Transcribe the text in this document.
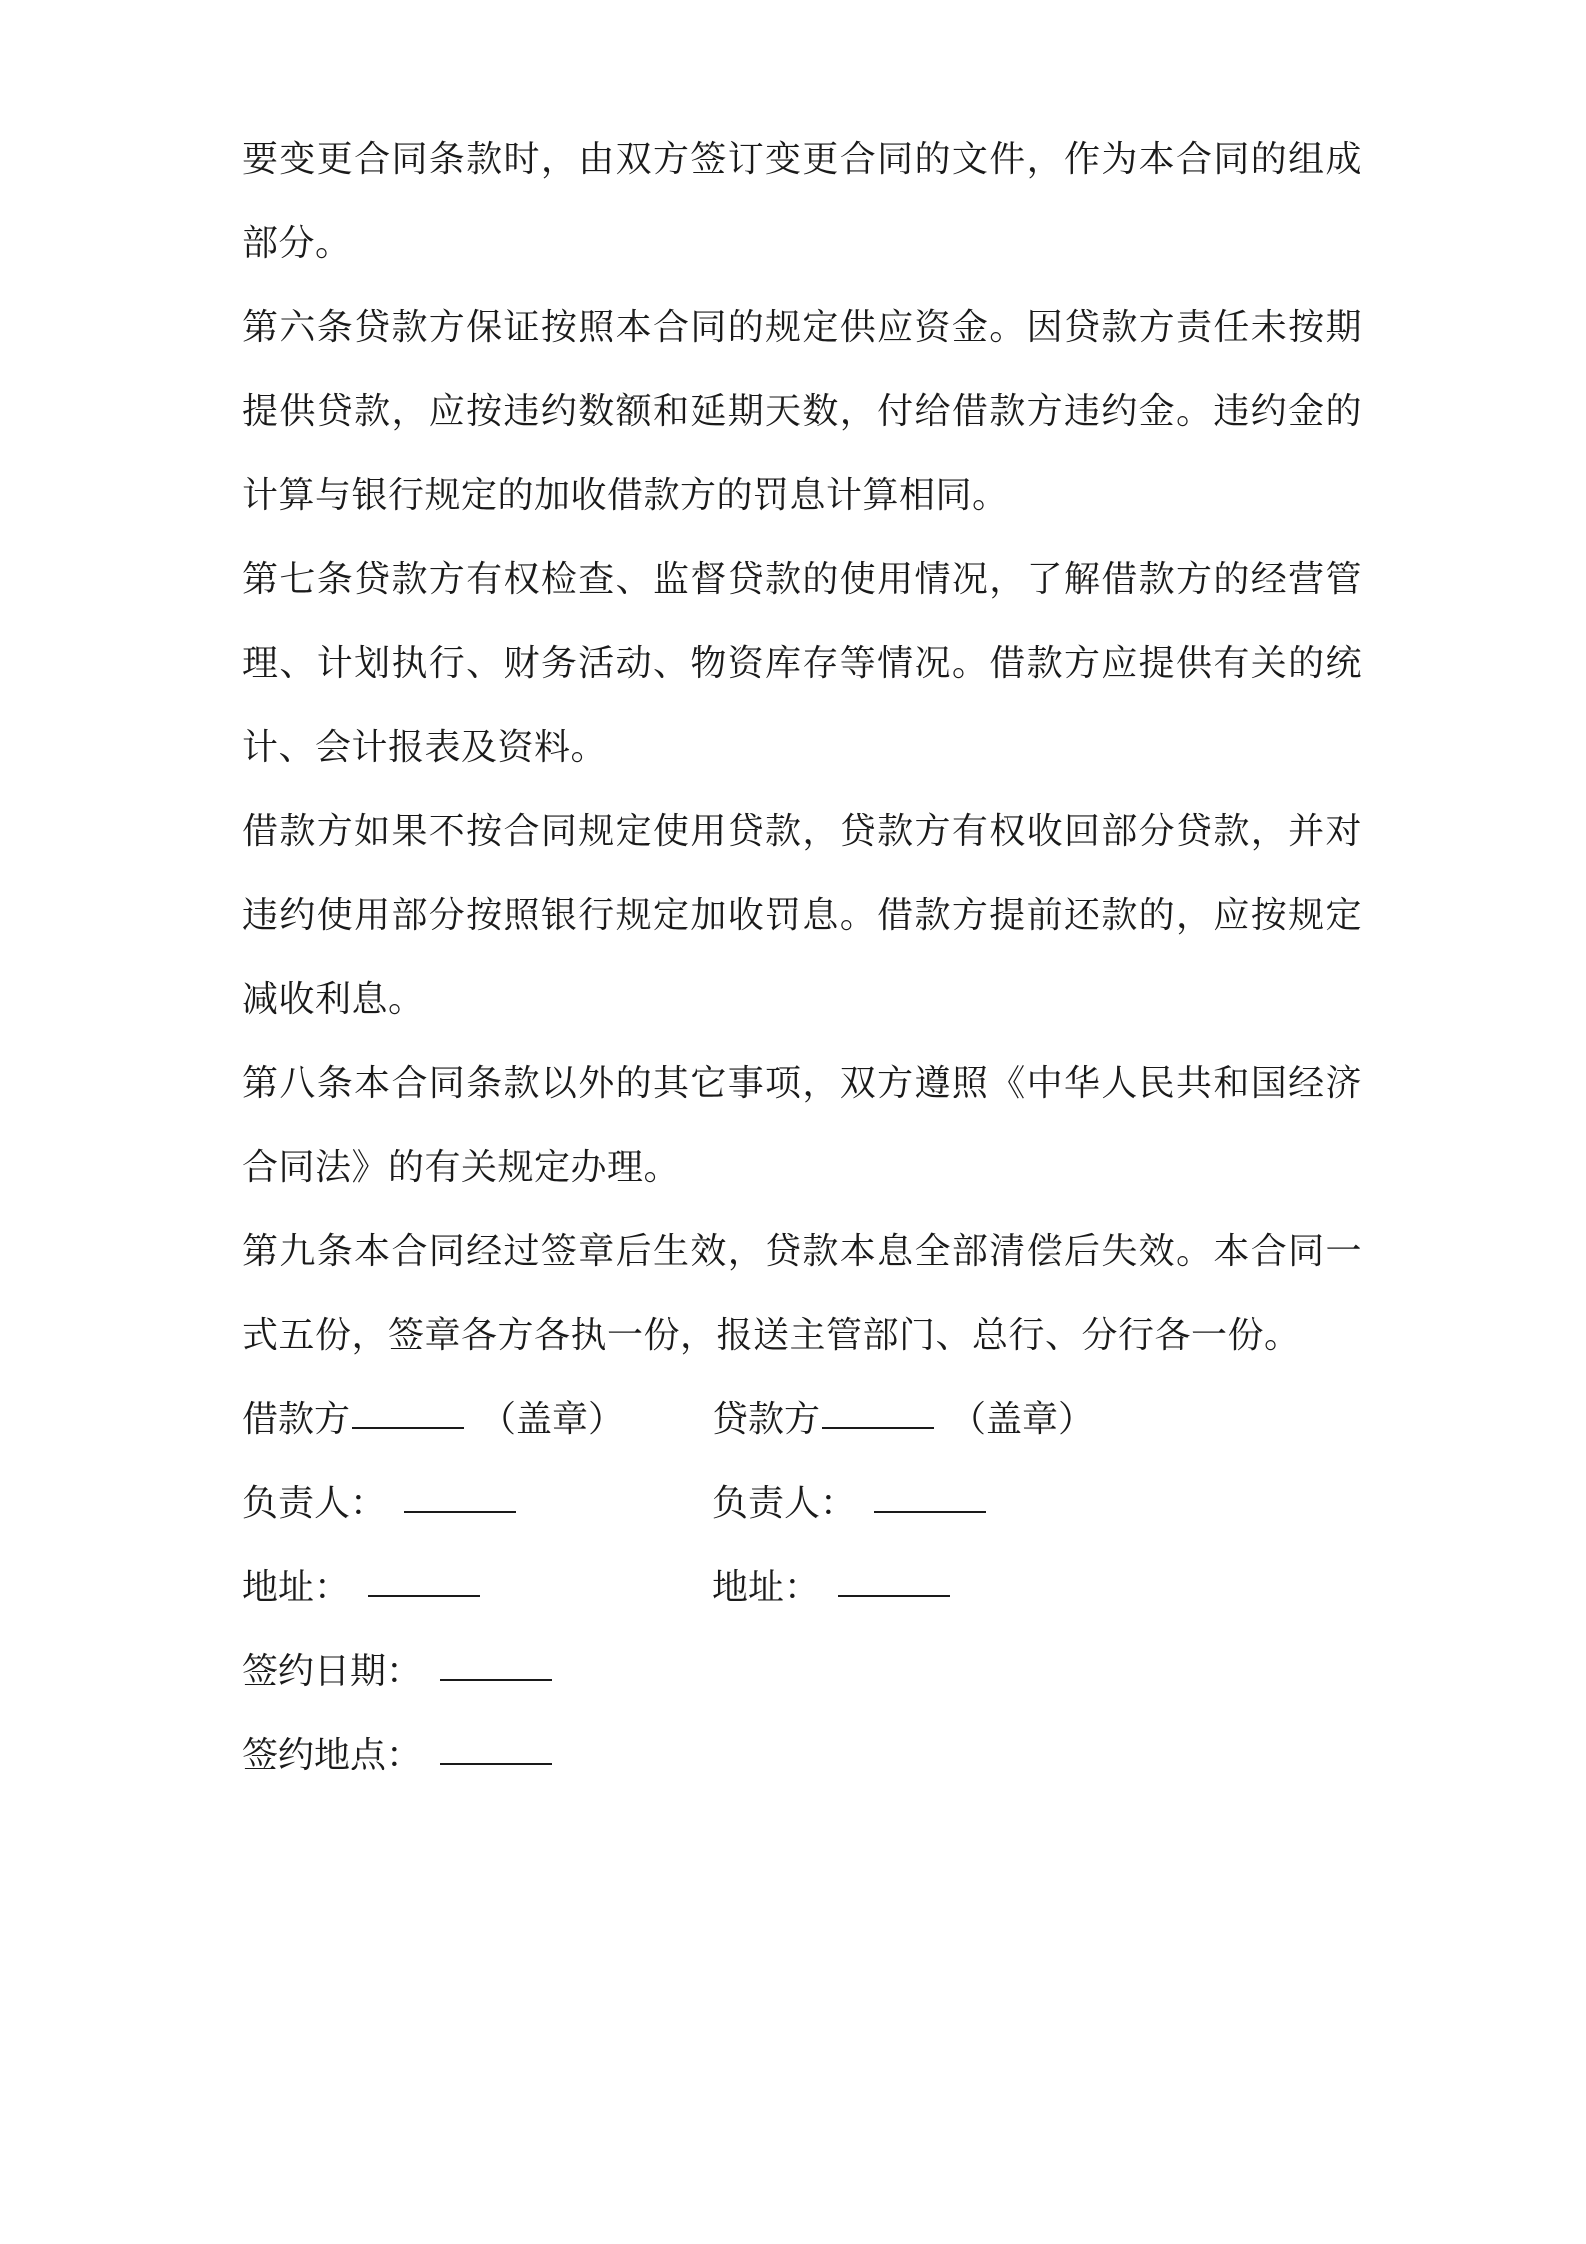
要变更合同条款时，由双方签订变更合同的文件，作为本合同的组成部分。

第六条贷款方保证按照本合同的规定供应资金。因贷款方责任未按期提供贷款，应按违约数额和延期天数，付给借款方违约金。违约金的计算与银行规定的加收借款方的罚息计算相同。

第七条贷款方有权检查、监督贷款的使用情况，了解借款方的经营管理、计划执行、财务活动、物资库存等情况。借款方应提供有关的统计、会计报表及资料。

借款方如果不按合同规定使用贷款，贷款方有权收回部分贷款，并对违约使用部分按照银行规定加收罚息。借款方提前还款的，应按规定减收利息。

第八条本合同条款以外的其它事项，双方遵照《中华人民共和国经济合同法》的有关规定办理。

第九条本合同经过签章后生效，贷款本息全部清偿后失效。本合同一式五份，签章各方各执一份，报送主管部门、总行、分行各一份。

借款方	（盖章） 贷款方	（盖章）
负责人：	负责人：
地址：	地址：
签约日期：
签约地点：
